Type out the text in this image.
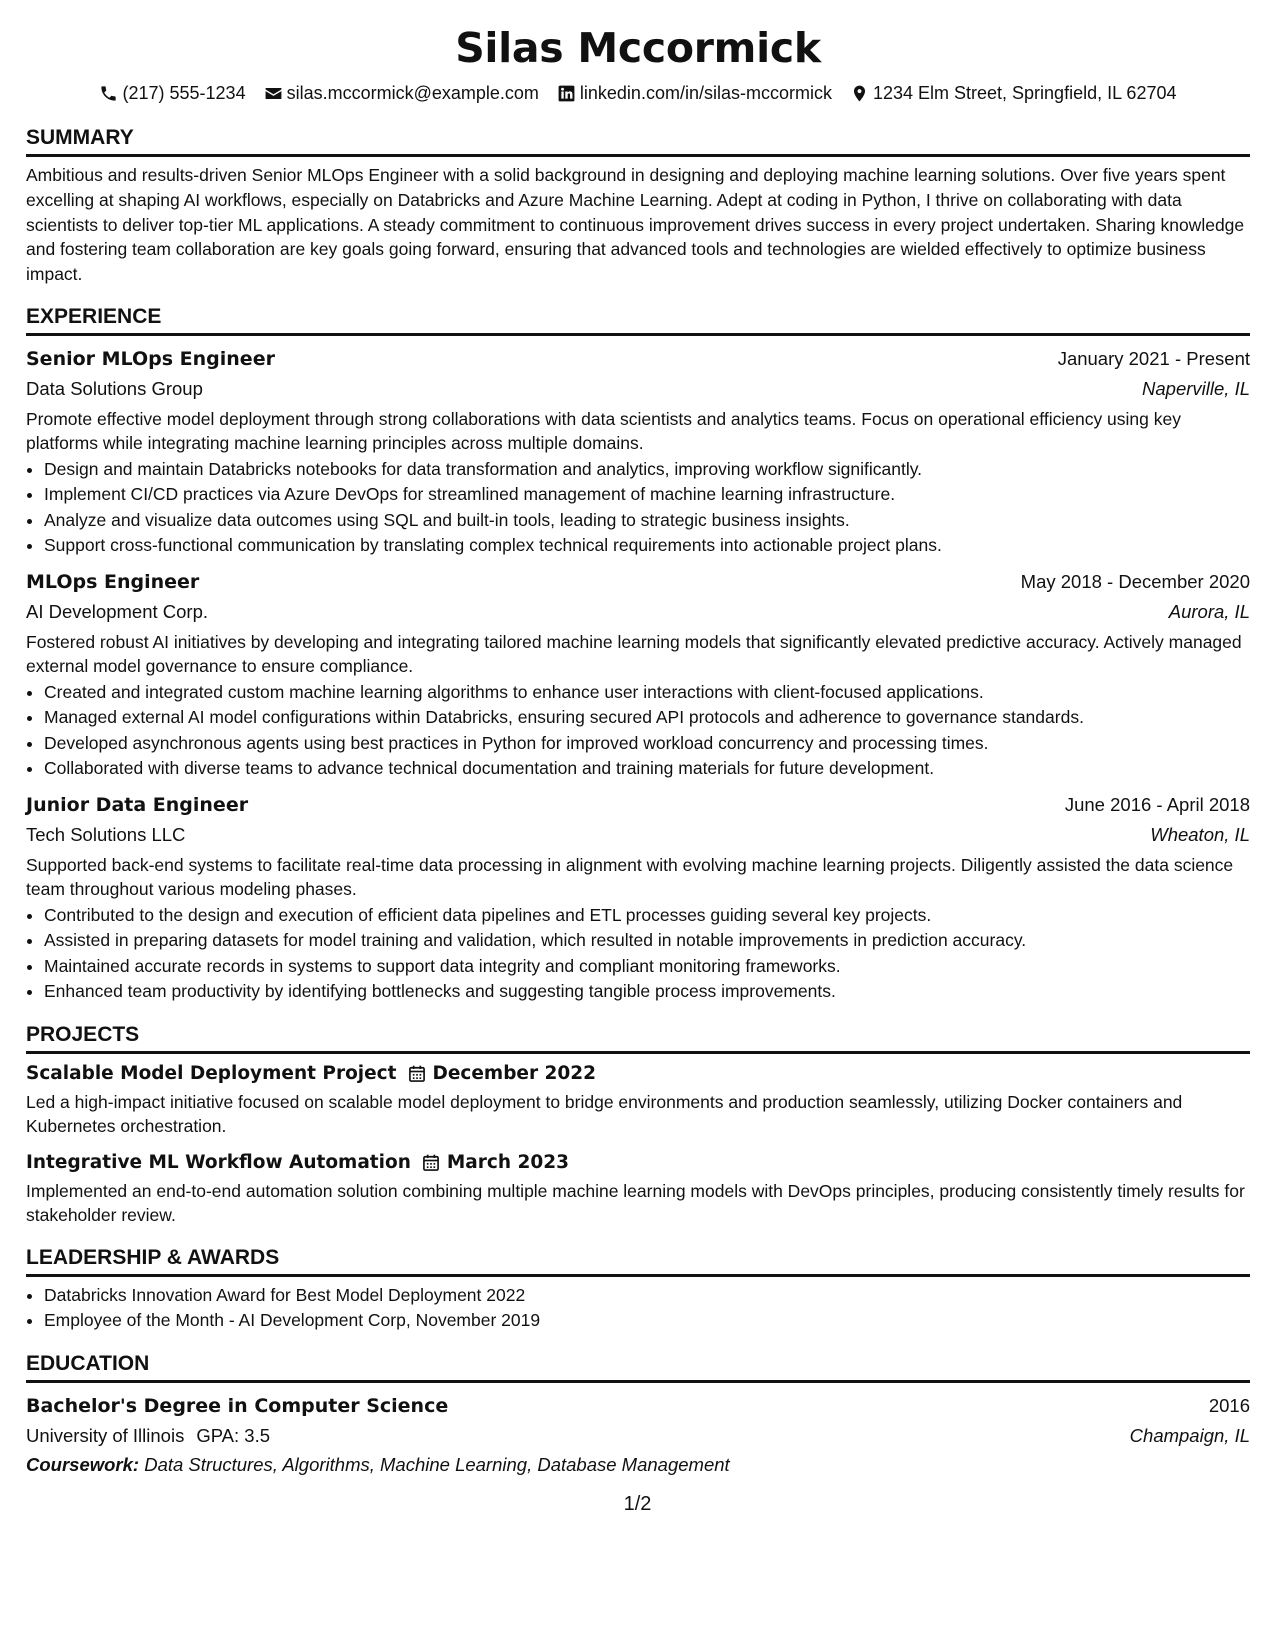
Silas Mccormick
(217) 555-1234 silas.mccormick@example.com linkedin.com/in/silas-mccormick 1234 Elm Street, Springfield, IL 62704
SUMMARY

Ambitious and results-driven Senior MLOps Engineer with a solid background in designing and deploying machine learning solutions. Over five years spent excelling at shaping AI workflows, especially on Databricks and Azure Machine Learning. Adept at coding in Python, I thrive on collaborating with data scientists to deliver top-tier ML applications. A steady commitment to continuous improvement drives success in every project undertaken. Sharing knowledge and fostering team collaboration are key goals going forward, ensuring that advanced tools and technologies are wielded effectively to optimize business impact.

EXPERIENCE
Senior MLOps Engineer	January 2021 - Present
Data Solutions Group	Naperville, IL

Promote effective model deployment through strong collaborations with data scientists and analytics teams. Focus on operational efficiency using key platforms while integrating machine learning principles across multiple domains.

• Design and maintain Databricks notebooks for data transformation and analytics, improving workflow significantly.
• Implement CI/CD practices via Azure DevOps for streamlined management of machine learning infrastructure.
• Analyze and visualize data outcomes using SQL and built-in tools, leading to strategic business insights.
• Support cross-functional communication by translating complex technical requirements into actionable project plans.
MLOps Engineer	May 2018 - December 2020
AI Development Corp.	Aurora, IL

Fostered robust AI initiatives by developing and integrating tailored machine learning models that significantly elevated predictive accuracy. Actively managed external model governance to ensure compliance.

• Created and integrated custom machine learning algorithms to enhance user interactions with client-focused applications.
• Managed external AI model configurations within Databricks, ensuring secured API protocols and adherence to governance standards.
• Developed asynchronous agents using best practices in Python for improved workload concurrency and processing times.
• Collaborated with diverse teams to advance technical documentation and training materials for future development.
Junior Data Engineer	June 2016 - April 2018
Tech Solutions LLC	Wheaton, IL

Supported back-end systems to facilitate real-time data processing in alignment with evolving machine learning projects. Diligently assisted the data science team throughout various modeling phases.

• Contributed to the design and execution of efficient data pipelines and ETL processes guiding several key projects.
• Assisted in preparing datasets for model training and validation, which resulted in notable improvements in prediction accuracy.
• Maintained accurate records in systems to support data integrity and compliant monitoring frameworks.
• Enhanced team productivity by identifying bottlenecks and suggesting tangible process improvements.
PROJECTS
Scalable Model Deployment Project December 2022

Led a high-impact initiative focused on scalable model deployment to bridge environments and production seamlessly, utilizing Docker containers and Kubernetes orchestration.

Integrative ML Workflow Automation March 2023

Implemented an end-to-end automation solution combining multiple machine learning models with DevOps principles, producing consistently timely results for stakeholder review.

LEADERSHIP & AWARDS
• Databricks Innovation Award for Best Model Deployment 2022
• Employee of the Month - AI Development Corp, November 2019
EDUCATION
Bachelor's Degree in Computer Science	2016
University of Illinois GPA: 3.5	Champaign, IL
Coursework: Data Structures, Algorithms, Machine Learning, Database Management
1/2
